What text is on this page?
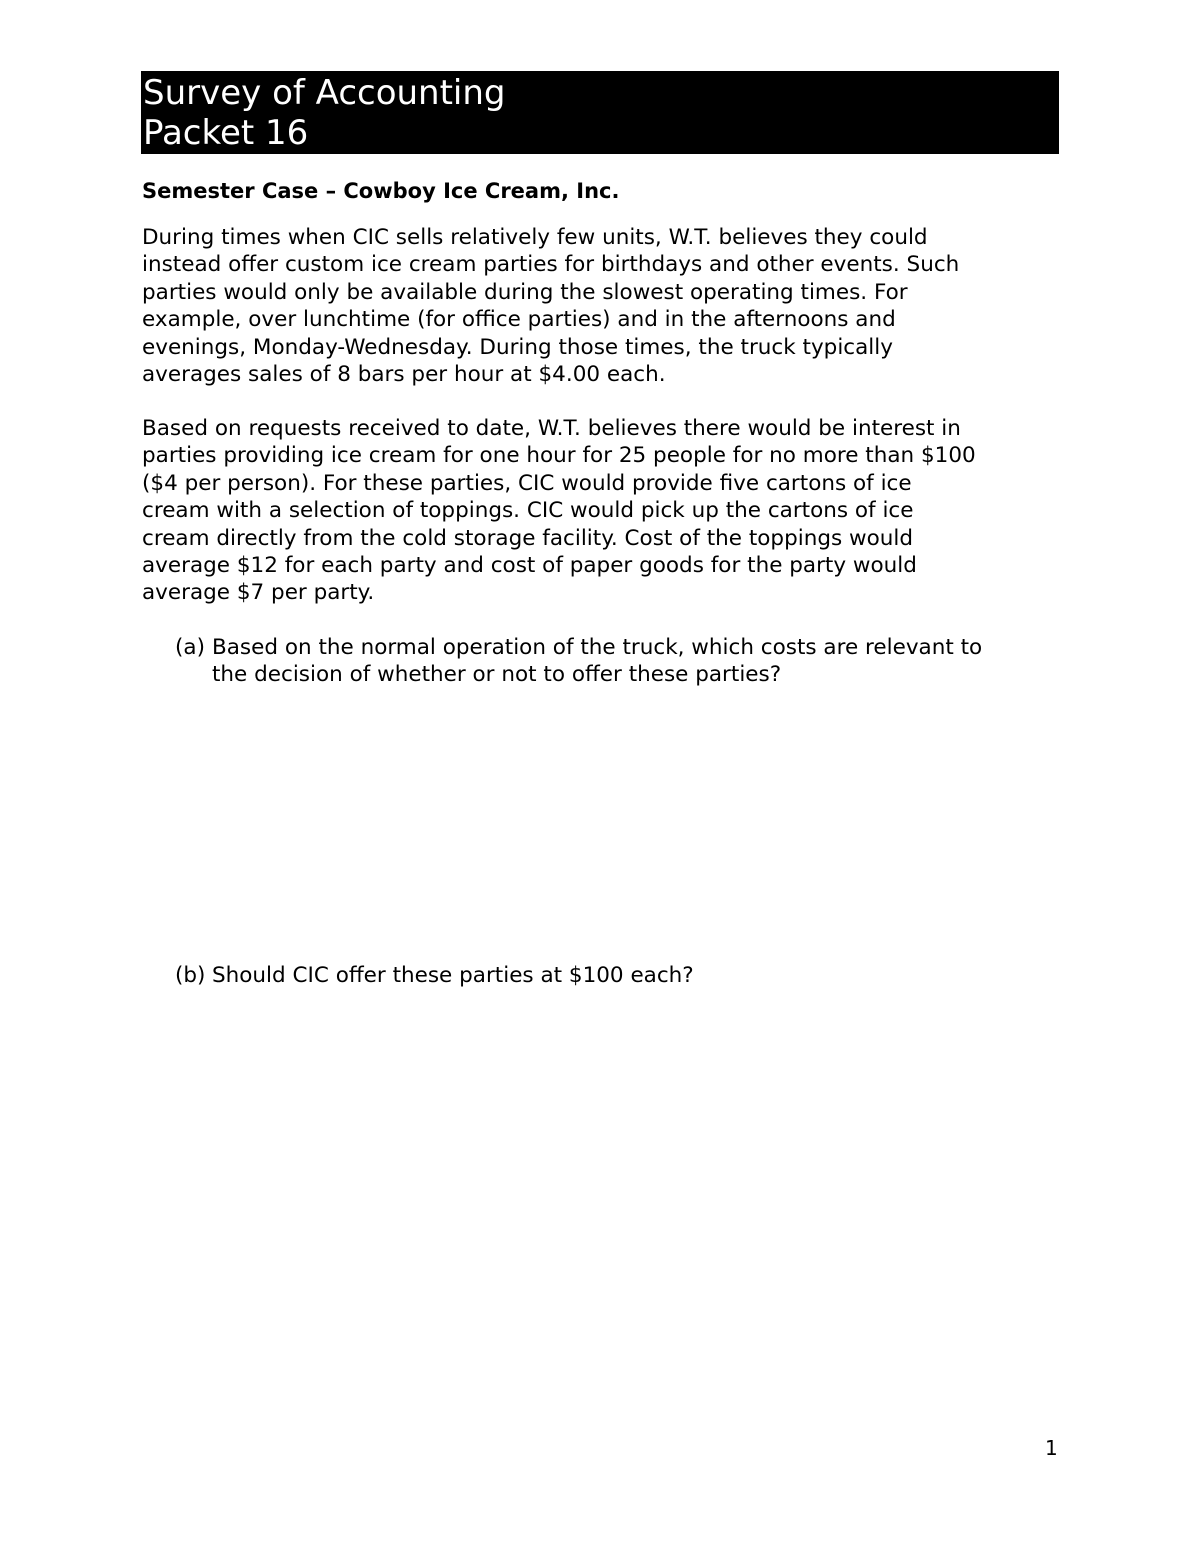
Survey of Accounting
Packet 16
Semester Case – Cowboy Ice Cream, Inc.

During times when CIC sells relatively few units, W.T. believes they could
instead offer custom ice cream parties for birthdays and other events. Such
parties would only be available during the slowest operating times. For
example, over lunchtime (for office parties) and in the afternoons and
evenings, Monday-Wednesday. During those times, the truck typically
averages sales of 8 bars per hour at $4.00 each.

Based on requests received to date, W.T. believes there would be interest in
parties providing ice cream for one hour for 25 people for no more than $100
($4 per person). For these parties, CIC would provide five cartons of ice
cream with a selection of toppings. CIC would pick up the cartons of ice
cream directly from the cold storage facility. Cost of the toppings would
average $12 for each party and cost of paper goods for the party would
average $7 per party.

(a) Based on the normal operation of the truck, which costs are relevant to
the decision of whether or not to offer these parties?
(b) Should CIC offer these parties at $100 each?
1
